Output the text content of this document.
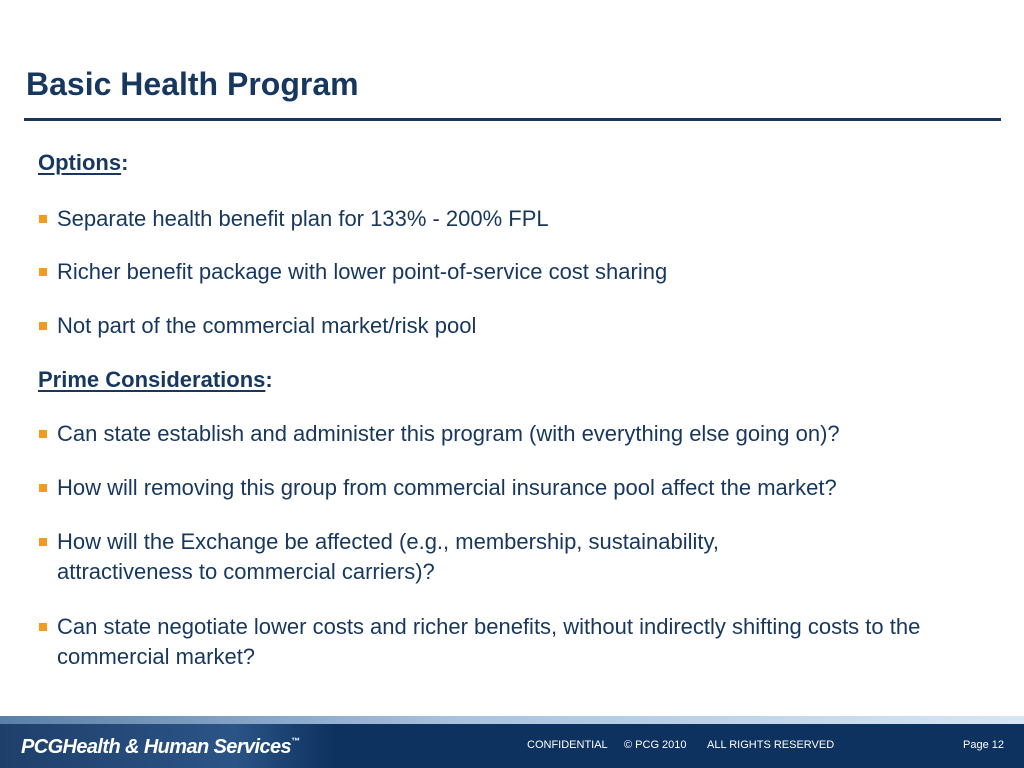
Basic Health Program
Options:
Separate health benefit plan for 133% - 200% FPL
Richer benefit package with lower point-of-service cost sharing
Not part of the commercial market/risk pool
Prime Considerations:
Can state establish and administer this program (with everything else going on)?
How will removing this group from commercial insurance pool affect the market?
How will the Exchange be affected (e.g., membership, sustainability, attractiveness to commercial carriers)?
Can state negotiate lower costs and richer benefits, without indirectly shifting costs to the commercial market?
PCGHealth & Human Services™	CONFIDENTIAL © PCG 2010 ALL RIGHTS RESERVED	Page 12
